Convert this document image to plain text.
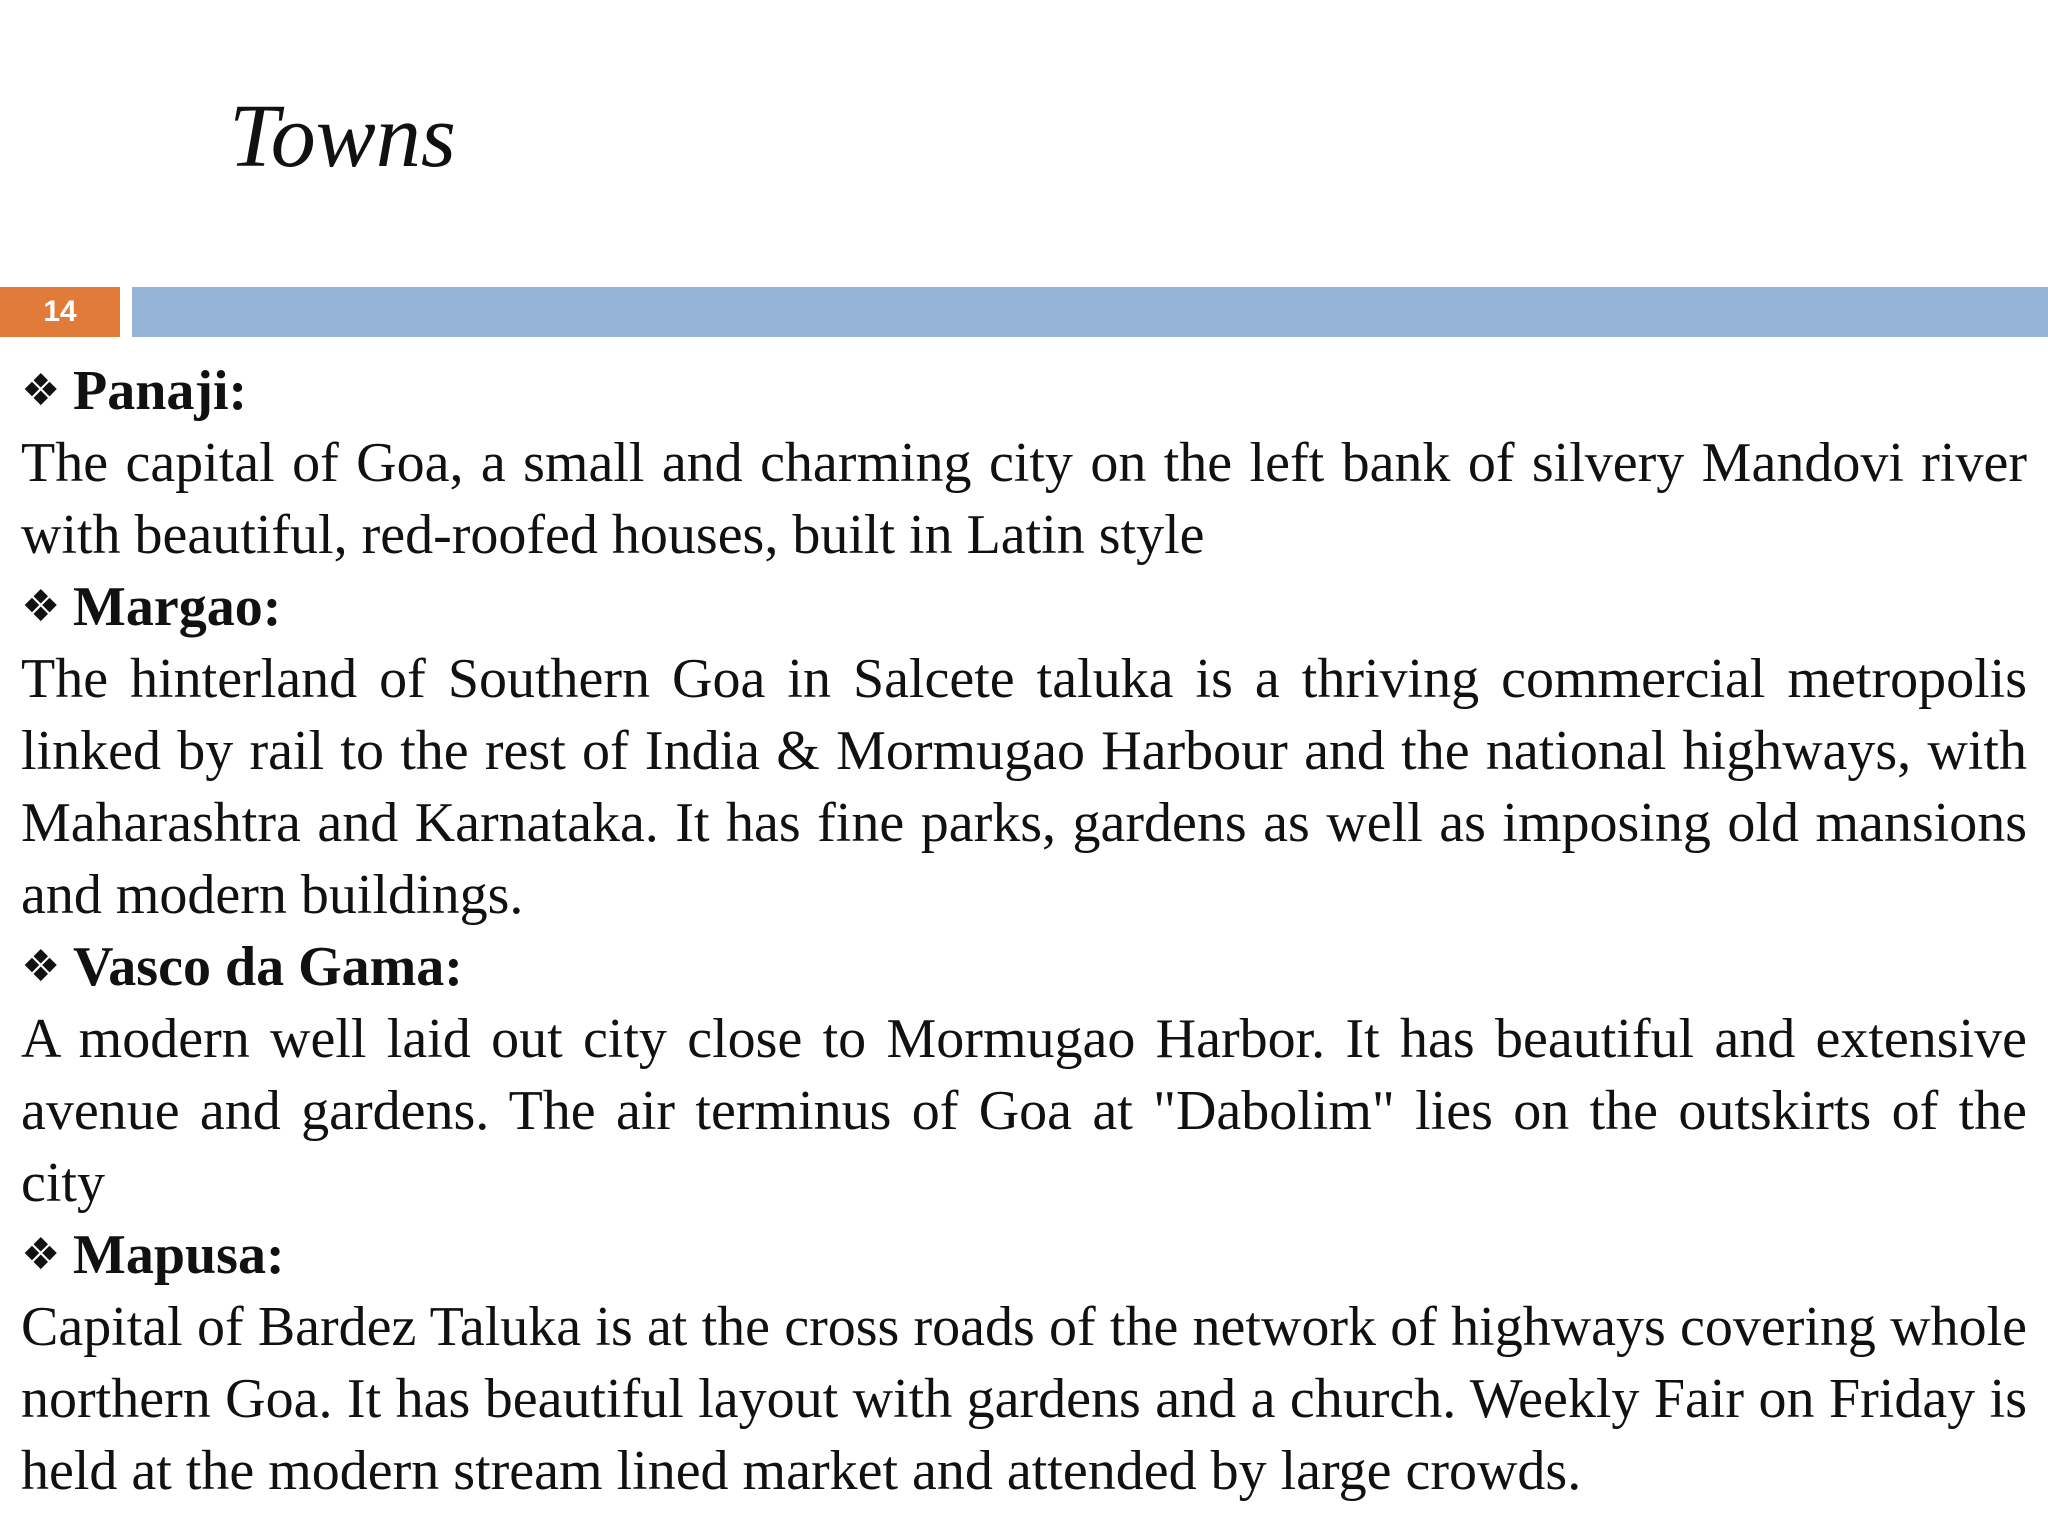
Towns
14

❖ Panaji:

The capital of Goa, a small and charming city on the left bank of silvery Mandovi river with beautiful, red-roofed houses, built in Latin style

❖ Margao:

The hinterland of Southern Goa in Salcete taluka is a thriving commercial metropolis linked by rail to the rest of India & Mormugao Harbour and the national highways, with Maharashtra and Karnataka. It has fine parks, gardens as well as imposing old mansions and modern buildings.

❖ Vasco da Gama:

A modern well laid out city close to Mormugao Harbor. It has beautiful and extensive avenue and gardens. The air terminus of Goa at "Dabolim" lies on the outskirts of the city

❖ Mapusa:

Capital of Bardez Taluka is at the cross roads of the network of highways covering whole northern Goa. It has beautiful layout with gardens and a church. Weekly Fair on Friday is held at the modern stream lined market and attended by large crowds.
